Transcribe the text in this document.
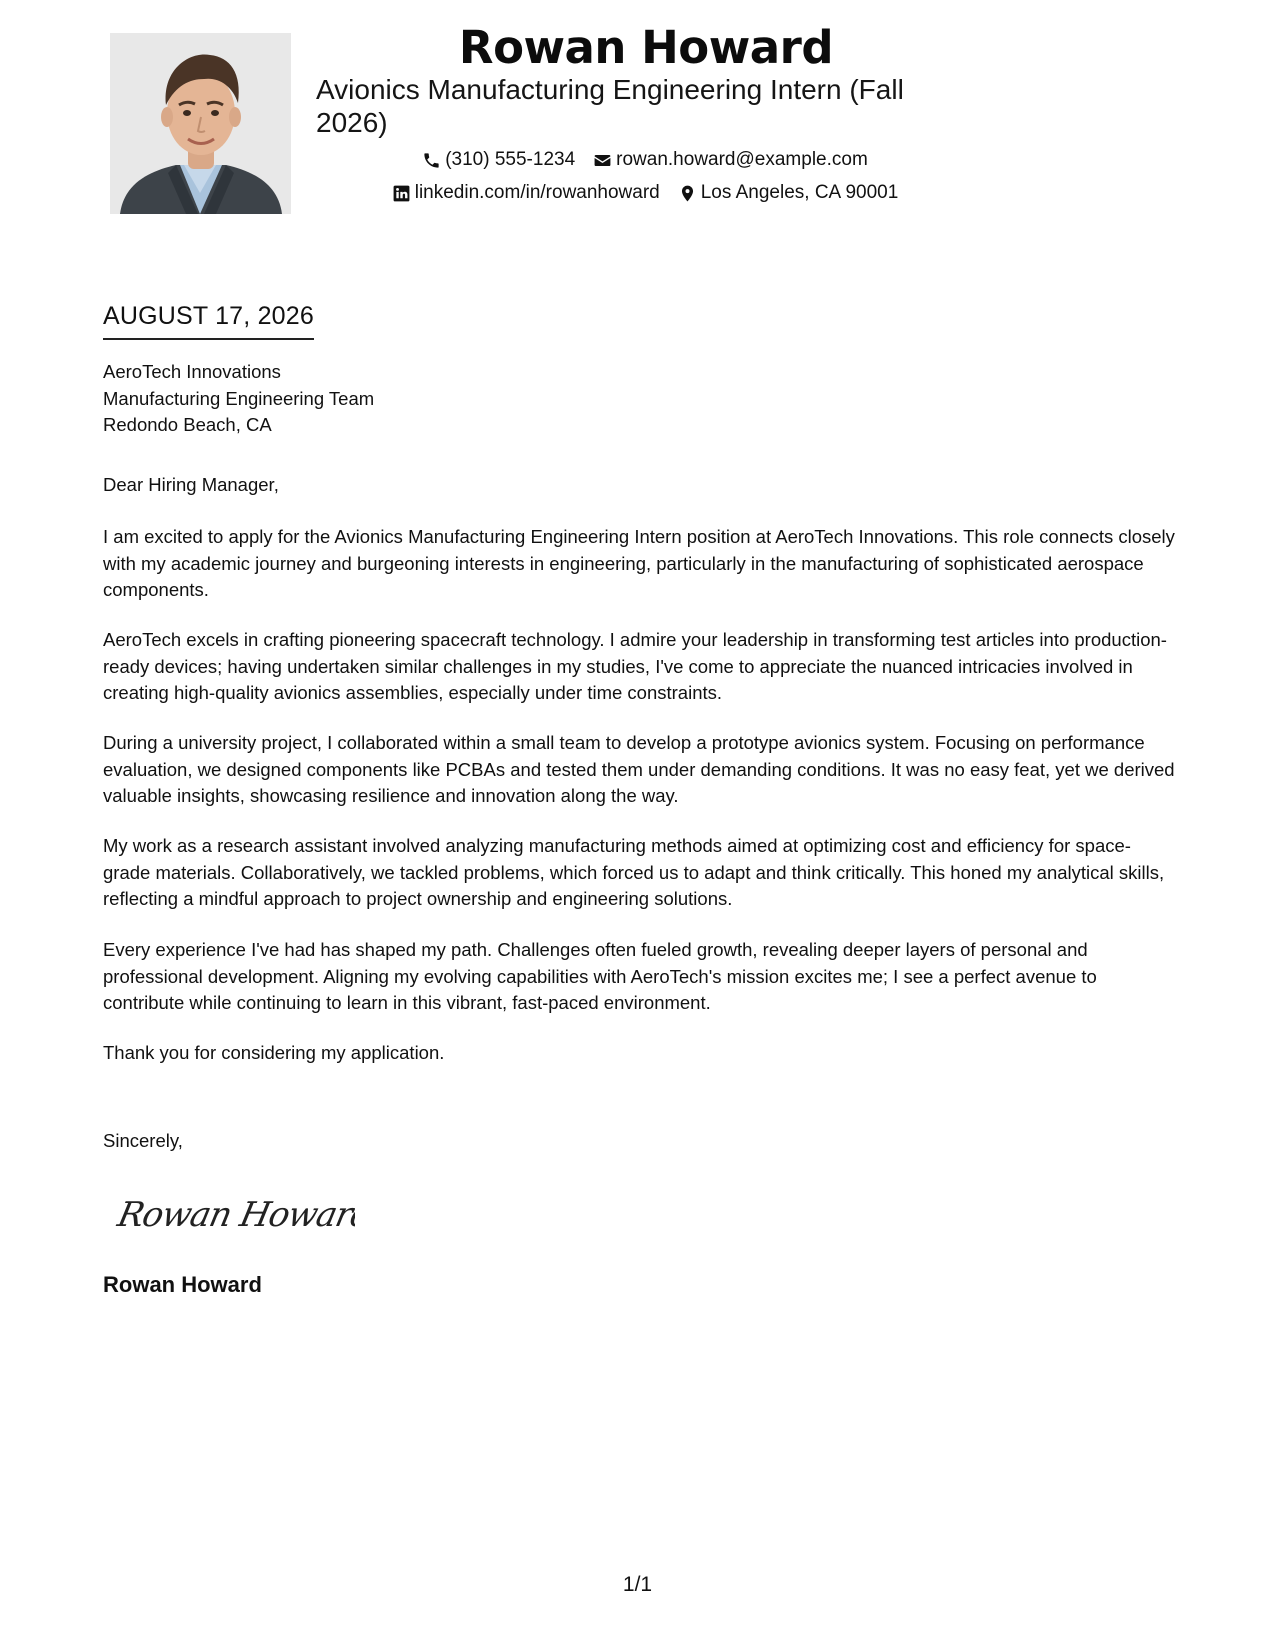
Rowan Howard
Avionics Manufacturing Engineering Intern (Fall 2026)
(310) 555-1234 rowan.howard@example.com
linkedin.com/in/rowanhoward Los Angeles, CA 90001
AUGUST 17, 2026
AeroTech Innovations
Manufacturing Engineering Team
Redondo Beach, CA

Dear Hiring Manager,

I am excited to apply for the Avionics Manufacturing Engineering Intern position at AeroTech Innovations. This role connects closely with my academic journey and burgeoning interests in engineering, particularly in the manufacturing of sophisticated aerospace components.

AeroTech excels in crafting pioneering spacecraft technology. I admire your leadership in transforming test articles into production-ready devices; having undertaken similar challenges in my studies, I've come to appreciate the nuanced intricacies involved in creating high-quality avionics assemblies, especially under time constraints.

During a university project, I collaborated within a small team to develop a prototype avionics system. Focusing on performance evaluation, we designed components like PCBAs and tested them under demanding conditions. It was no easy feat, yet we derived valuable insights, showcasing resilience and innovation along the way.

My work as a research assistant involved analyzing manufacturing methods aimed at optimizing cost and efficiency for space-grade materials. Collaboratively, we tackled problems, which forced us to adapt and think critically. This honed my analytical skills, reflecting a mindful approach to project ownership and engineering solutions.

Every experience I've had has shaped my path. Challenges often fueled growth, revealing deeper layers of personal and professional development. Aligning my evolving capabilities with AeroTech's mission excites me; I see a perfect avenue to contribute while continuing to learn in this vibrant, fast-paced environment.

Thank you for considering my application.

Sincerely,
Rowan Howard
Rowan Howard
1/1
